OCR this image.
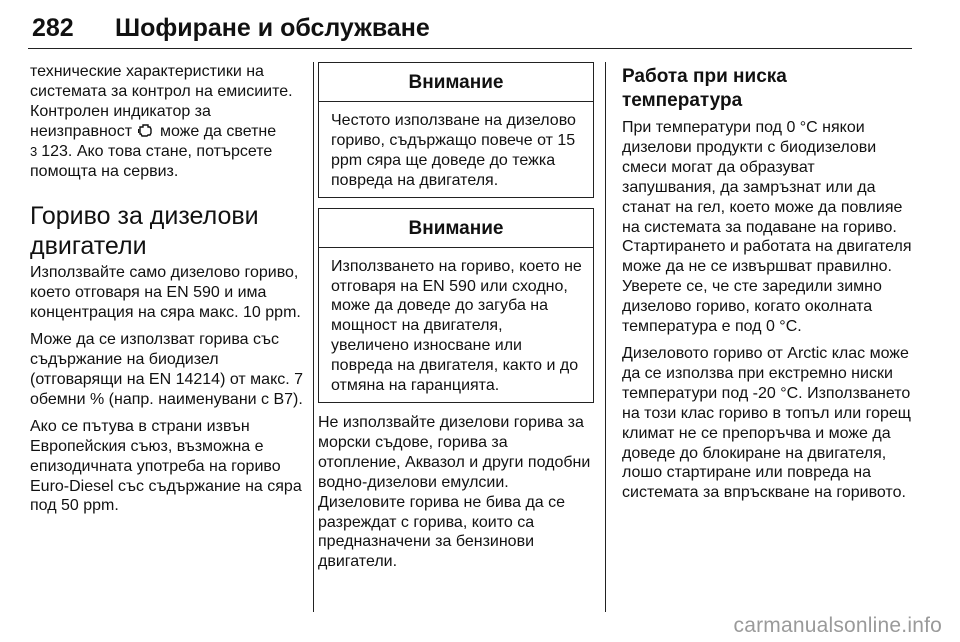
282 Шофиране и обслужване

технические характеристики на системата за контрол на емисиите. Контролен индикатор за неизправност може да светне
3 123. Ако това стане, потърсете помощта на сервиз.

Гориво за дизелови двигатели

Използвайте само дизелово гориво, което отговаря на EN 590 и има концентрация на сяра макс. 10 ppm.

Може да се използват горива със съдържание на биодизел (отговарящи на EN 14214) от макс. 7 обемни % (напр. наименувани с B7).

Ако се пътува в страни извън Европейския съюз, възможна е епизодичната употреба на гориво Euro-Diesel със съдържание на сяра под 50 ppm.

Внимание
Честото използване на дизелово гориво, съдържащо повече от 15 ppm сяра ще доведе до тежка повреда на двигателя.
Внимание
Използването на гориво, което не отговаря на EN 590 или сходно, може да доведе до загуба на мощност на двигателя, увеличено износване или повреда на двигателя, както и до отмяна на гаранцията.

Не използвайте дизелови горива за морски съдове, горива за отопление, Аквазол и други подобни водно-дизелови емулсии. Дизеловите горива не бива да се разреждат с горива, които са предназначени за бензинови двигатели.

Работа при ниска температура

При температури под 0 °C някои дизелови продукти с биодизелови смеси могат да образуват запушвания, да замръзнат или да станат на гел, което може да повлияе на системата за подаване на гориво. Стартирането и работата на двигателя може да не се извършват правилно. Уверете се, че сте заредили зимно дизелово гориво, когато околната температура е под 0 °C.

Дизеловото гориво от Arctic клас може да се използва при екстремно ниски температури под -20 °C. Използването на този клас гориво в топъл или горещ климат не се препоръчва и може да доведе до блокиране на двигателя, лошо стартиране или повреда на системата за впръскване на горивото.

carmanualsonline.info
